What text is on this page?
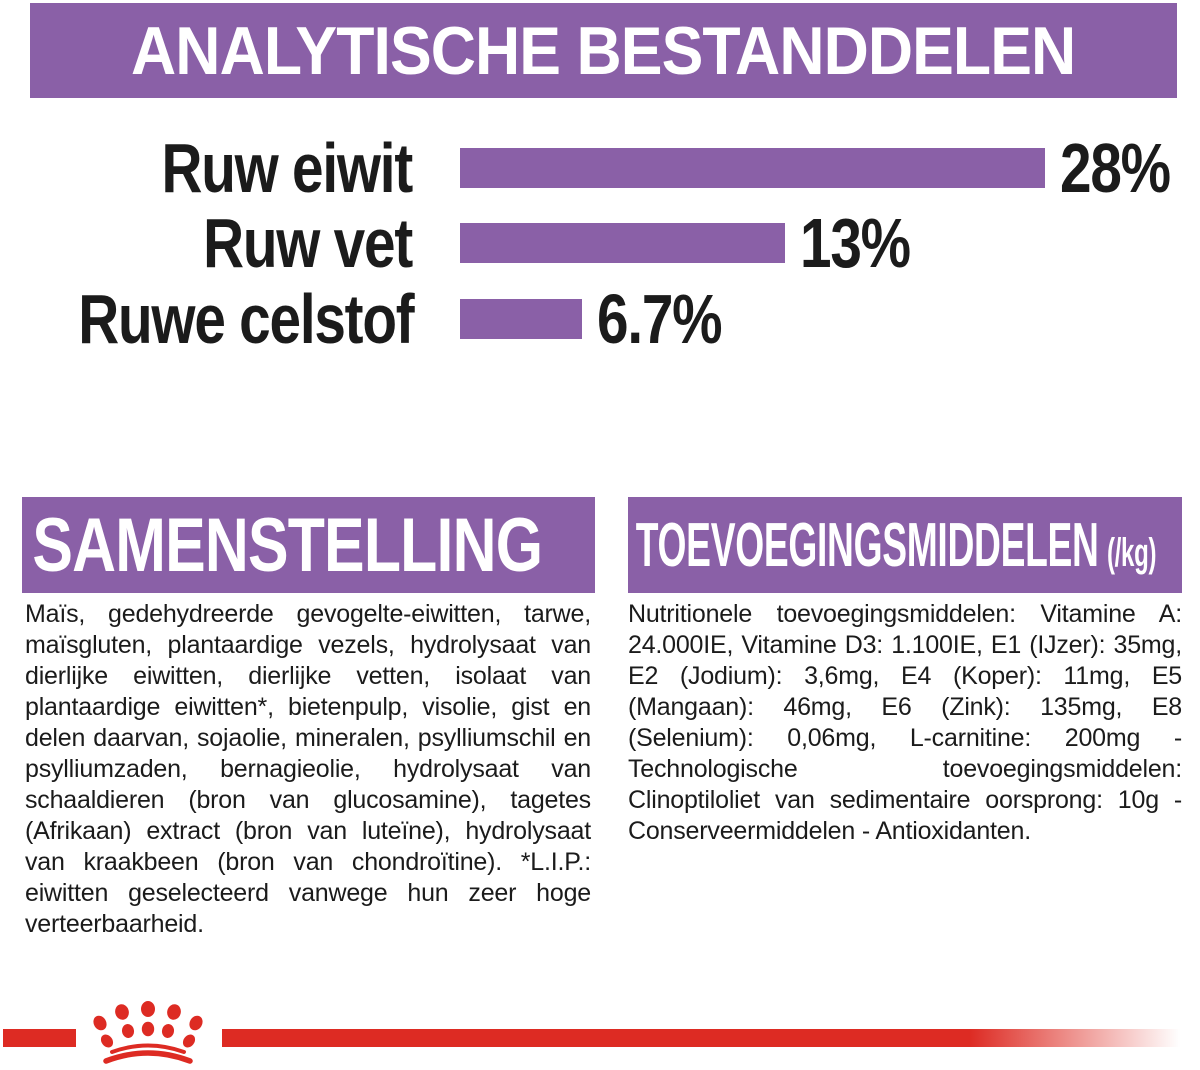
ANALYTISCHE BESTANDDELEN
Ruw eiwit	28%
Ruw vet	13%
Ruwe celstof	6.7%
SAMENSTELLING
Maïs, gedehydreerde gevogelte-eiwitten, tarwe, maïsgluten, plantaardige vezels, hydrolysaat van dierlijke eiwitten, dierlijke vetten, isolaat van plantaardige eiwitten*, bietenpulp, visolie, gist en delen daarvan, sojaolie, mineralen, psylliumschil en psylliumzaden, bernagieolie, hydrolysaat van schaaldieren (bron van glucosamine), tagetes (Afrikaan) extract (bron van luteïne), hydrolysaat van kraakbeen (bron van chondroïtine). *L.I.P.: eiwitten geselecteerd vanwege hun zeer hoge verteerbaarheid.
TOEVOEGINGSMIDDELEN (/kg)
Nutritionele toevoegingsmiddelen: Vitamine A: 24.000IE, Vitamine D3: 1.100IE, E1 (IJzer): 35mg, E2 (Jodium): 3,6mg, E4 (Koper): 11mg, E5 (Mangaan): 46mg, E6 (Zink): 135mg, E8 (Selenium): 0,06mg, L-carnitine: 200mg - Technologische toevoegingsmiddelen: Clinoptiloliet van sedimentaire oorsprong: 10g - Conserveermiddelen - Antioxidanten.
